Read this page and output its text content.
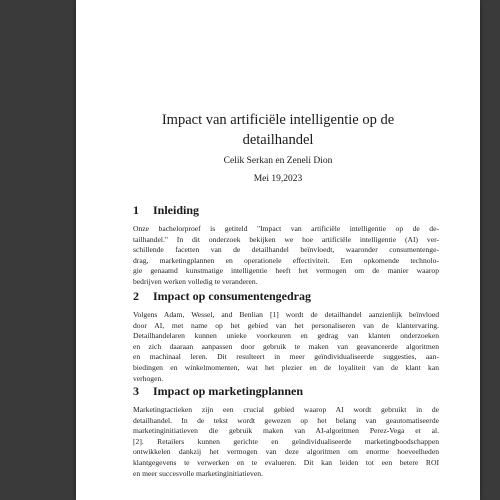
Impact van artificiële intelligentie op de
detailhandel
Celik Serkan en Zeneli Dion
Mei 19,2023
1 Inleiding
Onze bachelorproef is getiteld "Impact van artificiële intelligentie op de de-
tailhandel." In dit onderzoek bekijken we hoe artificiële intelligentie (AI) ver-
schillende facetten van de detailhandel beïnvloedt, waaronder consumentenge-
drag, marketingplannen en operationele effectiviteit. Een opkomende technolo-
gie genaamd kunstmatige intelligentie heeft het vermogen om de manier waarop
bedrijven werken volledig te veranderen.
2 Impact op consumentengedrag
Volgens Adam, Wessel, and Benlian [1] wordt de detailhandel aanzienlijk beïnvloed
door AI, met name op het gebied van het personaliseren van de klantervaring.
Detailhandelaren kunnen unieke voorkeuren en gedrag van klanten onderzoeken
en zich daaraan aanpassen door gebruik te maken van geavanceerde algoritmen
en machinaal leren. Dit resulteert in meer geïndividualiseerde suggesties, aan-
biedingen en winkelmomenten, wat het plezier en de loyaliteit van de klant kan
verhogen.
3 Impact op marketingplannen
Marketingtactieken zijn een crucial gebied waarop AI wordt gebruikt in de
detailhandel. In de tekst wordt gewezen op het belang van geautomatiseerde
marketinginitiatieven die gebruik maken van AI-algoritmen Perez-Vega et al.
[2]. Retailers kunnen gerichte en geïndividualiseerde marketingboodschappen
ontwikkelen dankzij het vermogen van deze algoritmen om enorme hoeveelheden
klantgegevens te verwerken en te evalueren. Dit kan leiden tot een betere ROI
en meer succesvolle marketinginitiatieven.
